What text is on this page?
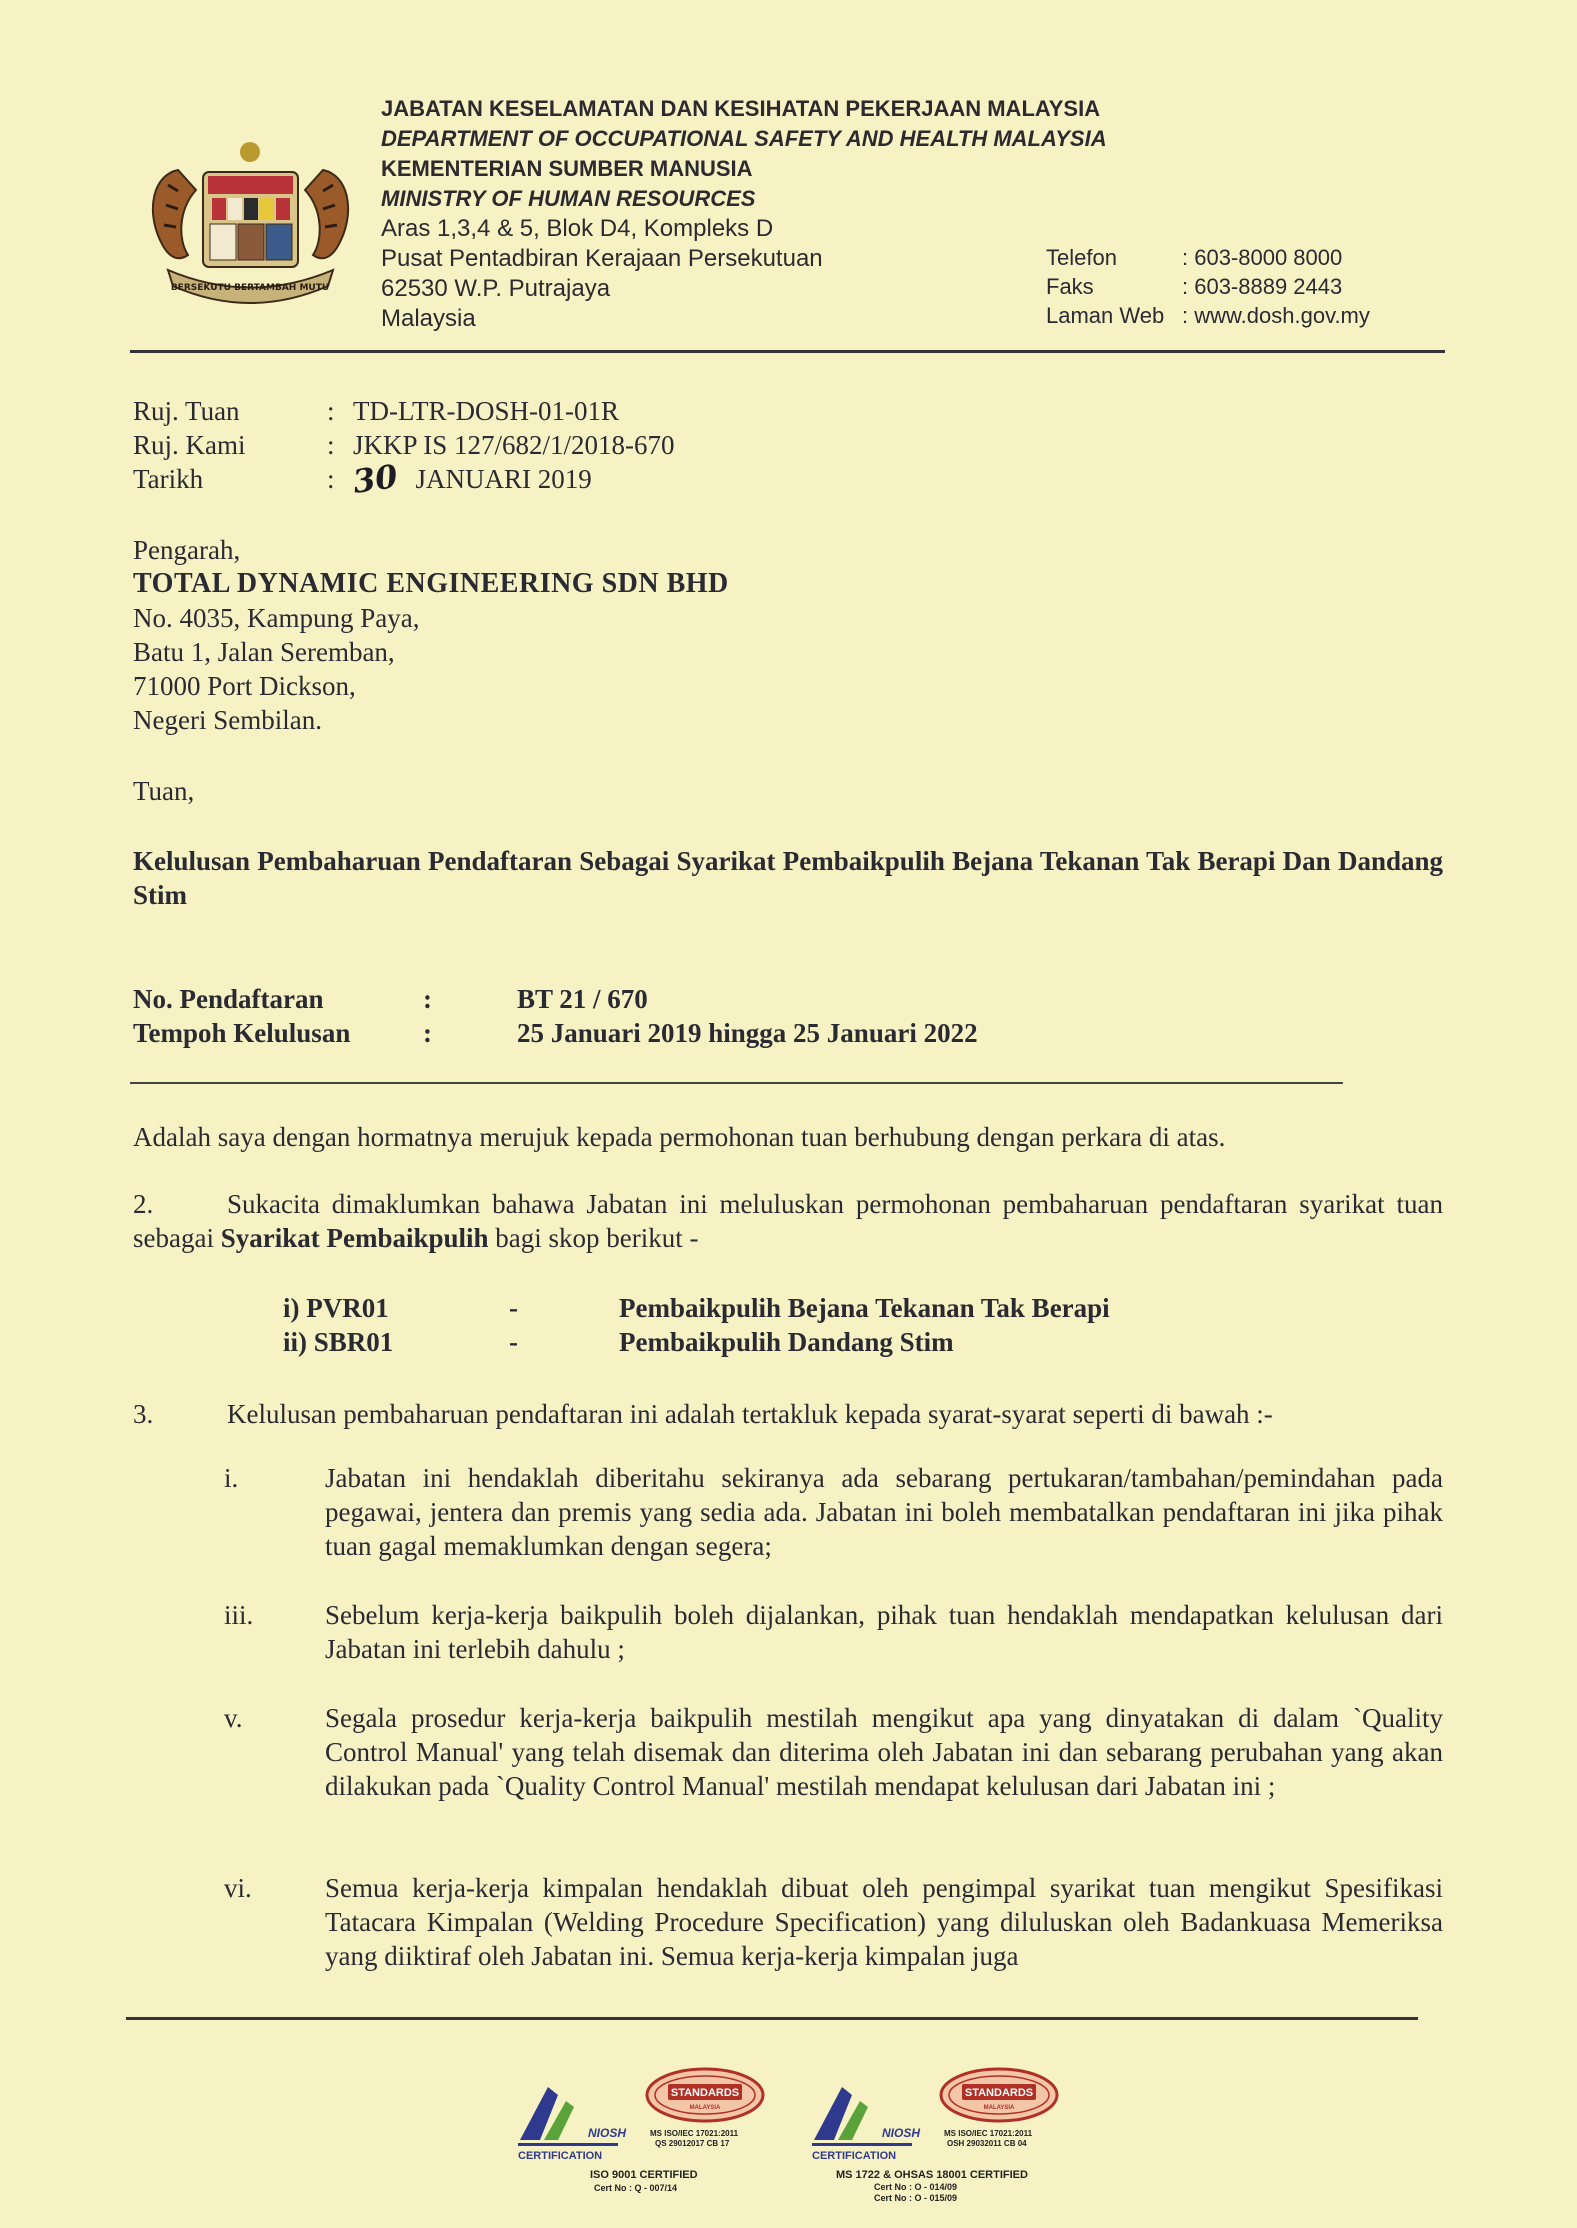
BERSEKUTU BERTAMBAH MUTU
JABATAN KESELAMATAN DAN KESIHATAN PEKERJAAN MALAYSIA
DEPARTMENT OF OCCUPATIONAL SAFETY AND HEALTH MALAYSIA
KEMENTERIAN SUMBER MANUSIA
MINISTRY OF HUMAN RESOURCES
Aras 1,3,4 & 5, Blok D4, Kompleks D
Pusat Pentadbiran Kerajaan Persekutuan
62530 W.P. Putrajaya
Malaysia
Telefon	: 603-8000 8000
Faks	: 603-8889 2443
Laman Web : www.dosh.gov.my
Ruj. Tuan	: TD-LTR-DOSH-01-01R
Ruj. Kami	: JKKP IS 127/682/1/2018-670
Tarikh	: 30 JANUARI 2019
Pengarah,
TOTAL DYNAMIC ENGINEERING SDN BHD
No. 4035, Kampung Paya,
Batu 1, Jalan Seremban,
71000 Port Dickson,
Negeri Sembilan.
Tuan,
Kelulusan Pembaharuan Pendaftaran Sebagai Syarikat Pembaikpulih Bejana Tekanan Tak Berapi Dan Dandang Stim
No. Pendaftaran	:	BT 21 / 670
Tempoh Kelulusan	:	25 Januari 2019 hingga 25 Januari 2022
Adalah saya dengan hormatnya merujuk kepada permohonan tuan berhubung dengan perkara di atas.
2.	Sukacita dimaklumkan bahawa Jabatan ini meluluskan permohonan pembaharuan pendaftaran syarikat tuan sebagai Syarikat Pembaikpulih bagi skop berikut -
i) PVR01	-	Pembaikpulih Bejana Tekanan Tak Berapi
ii) SBR01	-	Pembaikpulih Dandang Stim
3.	Kelulusan pembaharuan pendaftaran ini adalah tertakluk kepada syarat-syarat seperti di bawah :-
i.	Jabatan ini hendaklah diberitahu sekiranya ada sebarang pertukaran/tambahan/pemindahan pada pegawai, jentera dan premis yang sedia ada. Jabatan ini boleh membatalkan pendaftaran ini jika pihak tuan gagal memaklumkan dengan segera;
iii.	Sebelum kerja-kerja baikpulih boleh dijalankan, pihak tuan hendaklah mendapatkan kelulusan dari Jabatan ini terlebih dahulu ;
v.	Segala prosedur kerja-kerja baikpulih mestilah mengikut apa yang dinyatakan di dalam `Quality Control Manual' yang telah disemak dan diterima oleh Jabatan ini dan sebarang perubahan yang akan dilakukan pada `Quality Control Manual' mestilah mendapat kelulusan dari Jabatan ini ;
vi.	Semua kerja-kerja kimpalan hendaklah dibuat oleh pengimpal syarikat tuan mengikut Spesifikasi Tatacara Kimpalan (Welding Procedure Specification) yang diluluskan oleh Badankuasa Memeriksa yang diiktiraf oleh Jabatan ini. Semua kerja-kerja kimpalan juga
NIOSH
CERTIFICATION
STANDARDS
MALAYSIA
MS ISO/IEC 17021:2011
QS 29012017 CB 17
ISO 9001 CERTIFIED
Cert No : Q - 007/14
NIOSH
CERTIFICATION
STANDARDS
MALAYSIA
MS ISO/IEC 17021:2011
OSH 29032011 CB 04
MS 1722 & OHSAS 18001 CERTIFIED
Cert No : O - 014/09
Cert No : O - 015/09
